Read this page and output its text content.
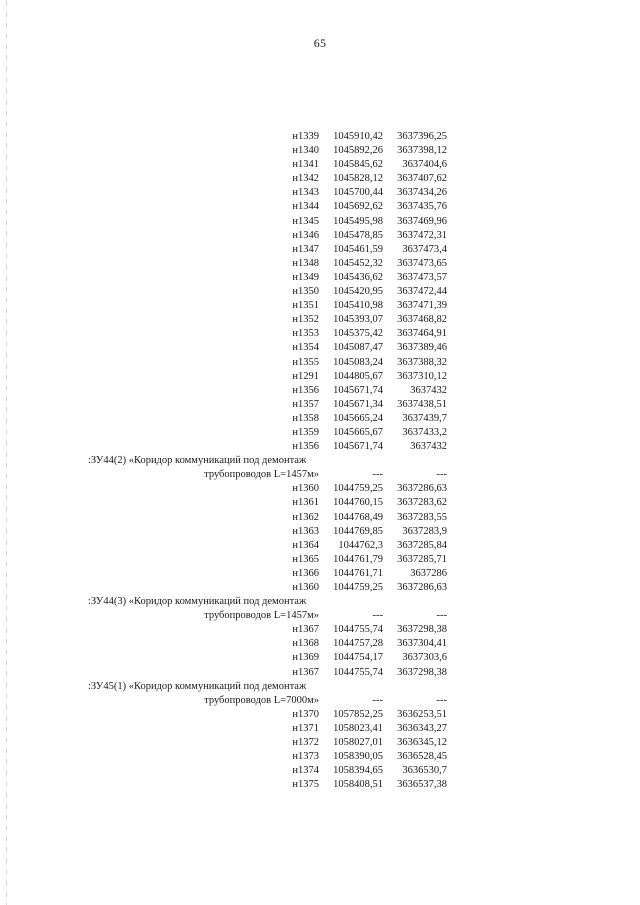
65
н1339 1045910,42 3637396,25
н1340 1045892,26 3637398,12
н1341 1045845,62 3637404,6
н1342 1045828,12 3637407,62
н1343 1045700,44 3637434,26
н1344 1045692,62 3637435,76
н1345 1045495,98 3637469,96
н1346 1045478,85 3637472,31
н1347 1045461,59 3637473,4
н1348 1045452,32 3637473,65
н1349 1045436,62 3637473,57
н1350 1045420,95 3637472,44
н1351 1045410,98 3637471,39
н1352 1045393,07 3637468,82
н1353 1045375,42 3637464,91
н1354 1045087,47 3637389,46
н1355 1045083,24 3637388,32
н1291 1044805,67 3637310,12
н1356 1045671,74	3637432
н1357 1045671,34 3637438,51
н1358 1045665,24 3637439,7
н1359 1045665,67 3637433,2
н1356 1045671,74	3637432
:ЗУ44(2) «Коридор коммуникаций под демонтаж
трубопроводов L=1457м»	---	---
н1360 1044759,25 3637286,63
н1361 1044760,15 3637283,62
н1362 1044768,49 3637283,55
н1363 1044769,85 3637283,9
н1364 1044762,3 3637285,84
н1365 1044761,79 3637285,71
н1366 1044761,71	3637286
н1360 1044759,25 3637286,63
:ЗУ44(3) «Коридор коммуникаций под демонтаж
трубопроводов L=1457м»	---	---
н1367 1044755,74 3637298,38
н1368 1044757,28 3637304,41
н1369 1044754,17 3637303,6
н1367 1044755,74 3637298,38
:ЗУ45(1) «Коридор коммуникаций под демонтаж
трубопроводов L=7000м»	---	---
н1370 1057852,25 3636253,51
н1371 1058023,41 3636343,27
н1372 1058027,01 3636345,12
н1373 1058390,05 3636528,45
н1374 1058394,65 3636530,7
н1375 1058408,51 3636537,38
